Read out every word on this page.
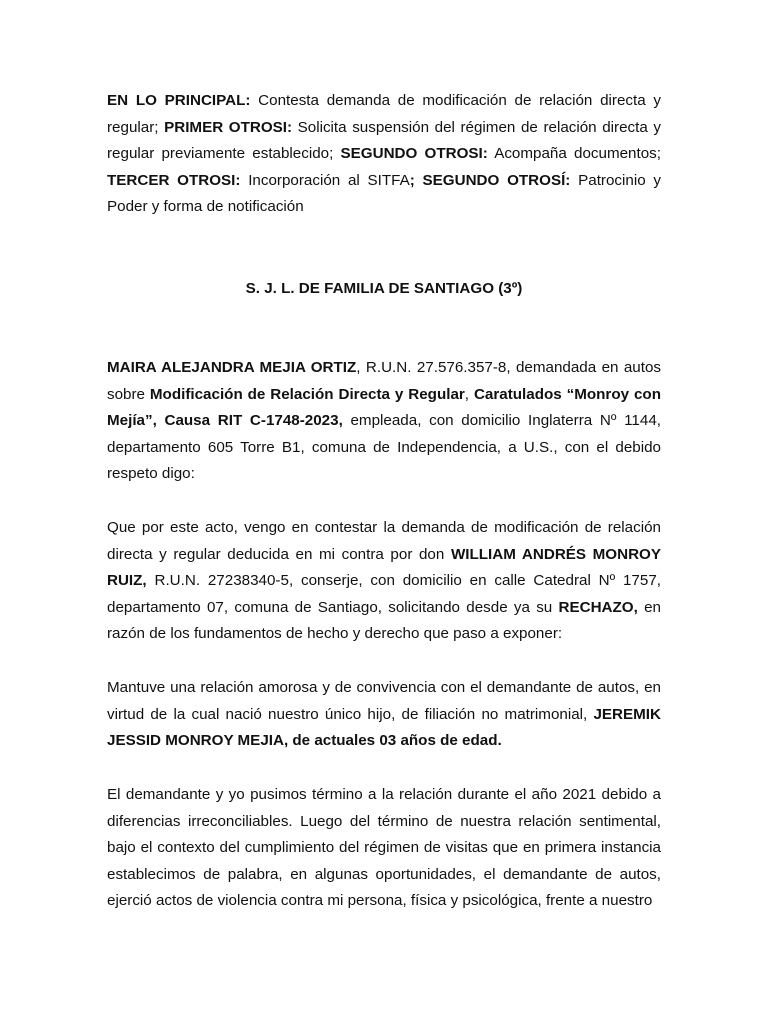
EN LO PRINCIPAL: Contesta demanda de modificación de relación directa y regular; PRIMER OTROSI: Solicita suspensión del régimen de relación directa y regular previamente establecido; SEGUNDO OTROSI: Acompaña documentos; TERCER OTROSI: Incorporación al SITFA; SEGUNDO OTROSÍ: Patrocinio y Poder y forma de notificación

S. J. L. DE FAMILIA DE SANTIAGO (3º)

MAIRA ALEJANDRA MEJIA ORTIZ, R.U.N. 27.576.357-8, demandada en autos sobre Modificación de Relación Directa y Regular, Caratulados “Monroy con Mejía”, Causa RIT C-1748-2023, empleada, con domicilio Inglaterra Nº 1144, departamento 605 Torre B1, comuna de Independencia, a U.S., con el debido respeto digo:

Que por este acto, vengo en contestar la demanda de modificación de relación directa y regular deducida en mi contra por don WILLIAM ANDRÉS MONROY RUIZ, R.U.N. 27238340-5, conserje, con domicilio en calle Catedral Nº 1757, departamento 07, comuna de Santiago, solicitando desde ya su RECHAZO, en razón de los fundamentos de hecho y derecho que paso a exponer:

Mantuve una relación amorosa y de convivencia con el demandante de autos, en virtud de la cual nació nuestro único hijo, de filiación no matrimonial, JEREMIK JESSID MONROY MEJIA, de actuales 03 años de edad.

El demandante y yo pusimos término a la relación durante el año 2021 debido a diferencias irreconciliables. Luego del término de nuestra relación sentimental, bajo el contexto del cumplimiento del régimen de visitas que en primera instancia establecimos de palabra, en algunas oportunidades, el demandante de autos, ejerció actos de violencia contra mi persona, física y psicológica, frente a nuestro
